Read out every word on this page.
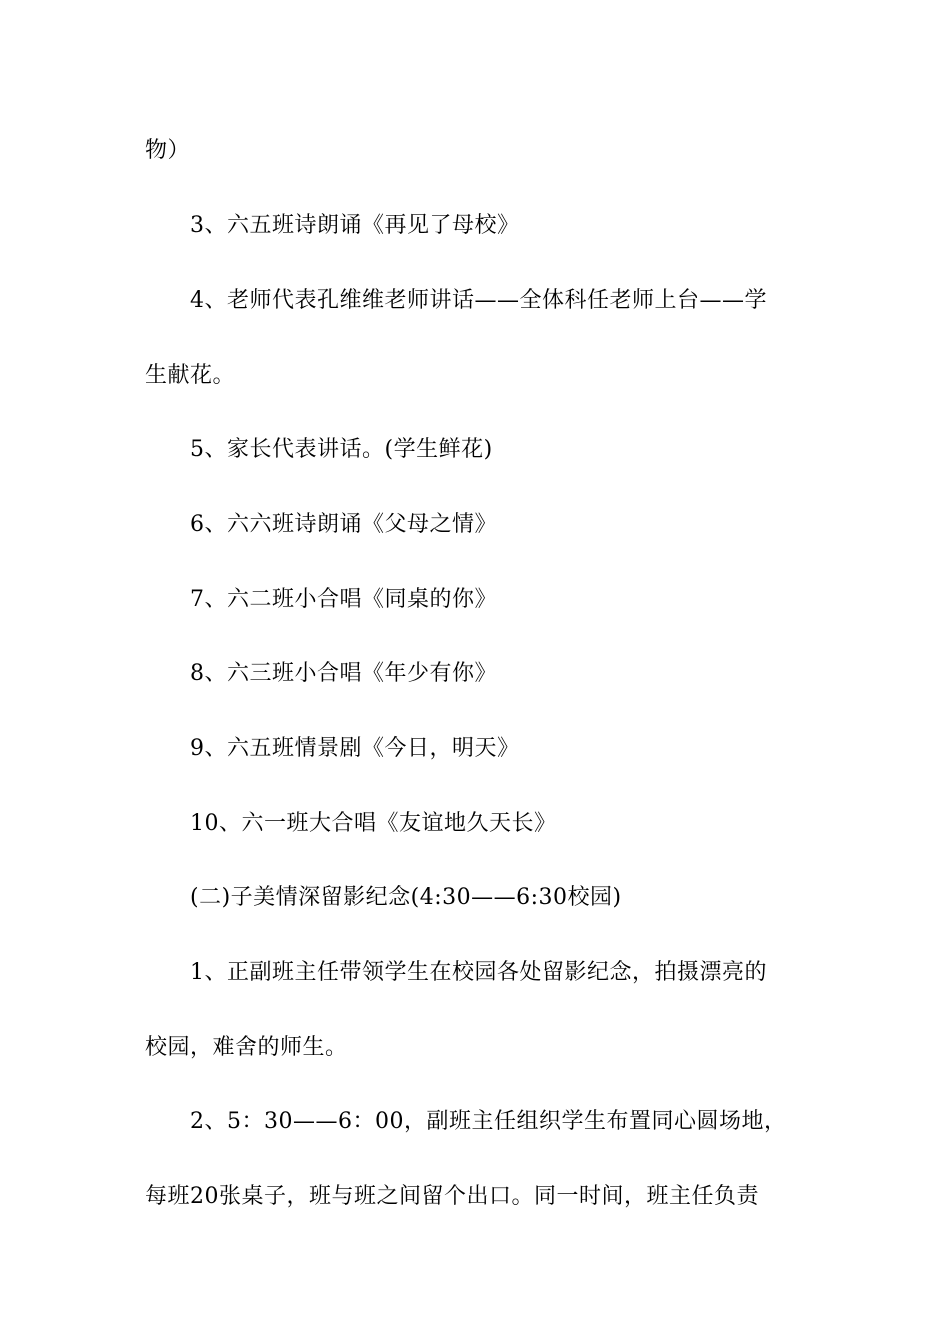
物）
3、六五班诗朗诵《再见了母校》
4、老师代表孔维维老师讲话——全体科任老师上台——学
生献花。
5、家长代表讲话。(学生鲜花)
6、六六班诗朗诵《父母之情》
7、六二班小合唱《同桌的你》
8、六三班小合唱《年少有你》
9、六五班情景剧《今日，明天》
10、六一班大合唱《友谊地久天长》
(二)子美情深留影纪念(4:30——6:30校园)
1、正副班主任带领学生在校园各处留影纪念，拍摄漂亮的
校园，难舍的师生。
2、5：30——6：00，副班主任组织学生布置同心圆场地，
每班20张桌子，班与班之间留个出口。同一时间，班主任负责
